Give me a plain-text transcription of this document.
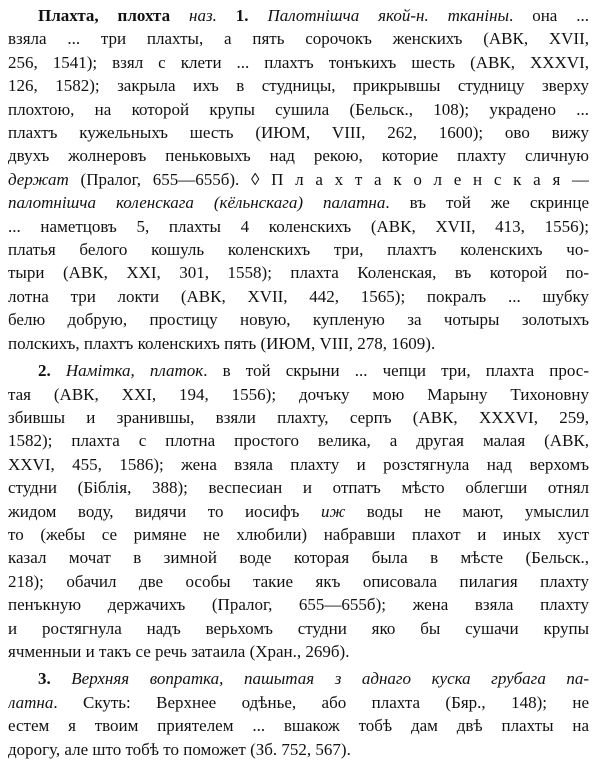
Плахта, плохта наз. 1. Палотнішча якой-н. тканіны. она ...
взяла ... три плахты, а пять сорочокъ женскихъ (АВК, XVII,
256, 1541); взял с клети ... плахтъ тонъкихъ шесть (АВК, XXXVI,
126, 1582); закрыла ихъ в студницы, прикрывшы студницу зверху
плохтою, на которой крупы сушила (Бельск., 108); украдено ...
плахтъ кужельныхъ шесть (ИЮМ, VIII, 262, 1600); ово вижу
двухъ жолнеровъ пеньковыхъ над рекою, которие плахту сличную
держат (Пралог, 655—655б). ◊ П л а х т а к о л е н с к а я —
палотнішча коленскага (кёльнскага) палатна. въ той же скринце
... наметцовъ 5, плахты 4 коленскихъ (АВК, XVII, 413, 1556);
платья белого кошуль коленскихъ три, плахтъ коленскихъ чо-
тыри (АВК, XXI, 301, 1558); плахта Коленская, въ которой по-
лотна три локти (АВК, XVII, 442, 1565); покралъ ... шубку
белю добрую, простицу новую, купленую за чотыры золотыхъ
полскихъ, плахтъ коленскихъ пять (ИЮМ, VIII, 278, 1609).
2. Намітка, платок. в той скрыни ... чепци три, плахта прос-
тая (АВК, XXI, 194, 1556); дочъку мою Марыну Тихоновну
збившы и зранившы, взяли плахту, серпъ (АВК, XXXVI, 259,
1582); плахта с плотна простого велика, а другая малая (АВК,
XXVI, 455, 1586); жена взяла плахту и розстягнула над верхомъ
студни (Біблія, 388); веспесиан и отпатъ мѣсто облегши отнял
жидом воду, видячи то иосифъ иж воды не мают, умыслил
то (жебы се римяне не хлюбили) набравши плахот и иных хуст
казал мочат в зимной воде которая была в мѣсте (Бельск.,
218); обачил две особы такие якъ описовала пилагия плахту
пенъкную держачихъ (Пралог, 655—655б); жена взяла плахту
и ростягнула надъ верьхомъ студни яко бы сушачи крупы
ячменныи и такъ се речь затаила (Хран., 269б).
3. Верхняя вопратка, пашытая з аднаго куска грубага па-
латна. Скуть: Верхнее одѣнье, або плахта (Бяр., 148); не
естем я твоим приятелем ... вшакож тобѣ дам двѣ плахты на
дорогу, але што тобѣ то поможет (Зб. 752, 567).
